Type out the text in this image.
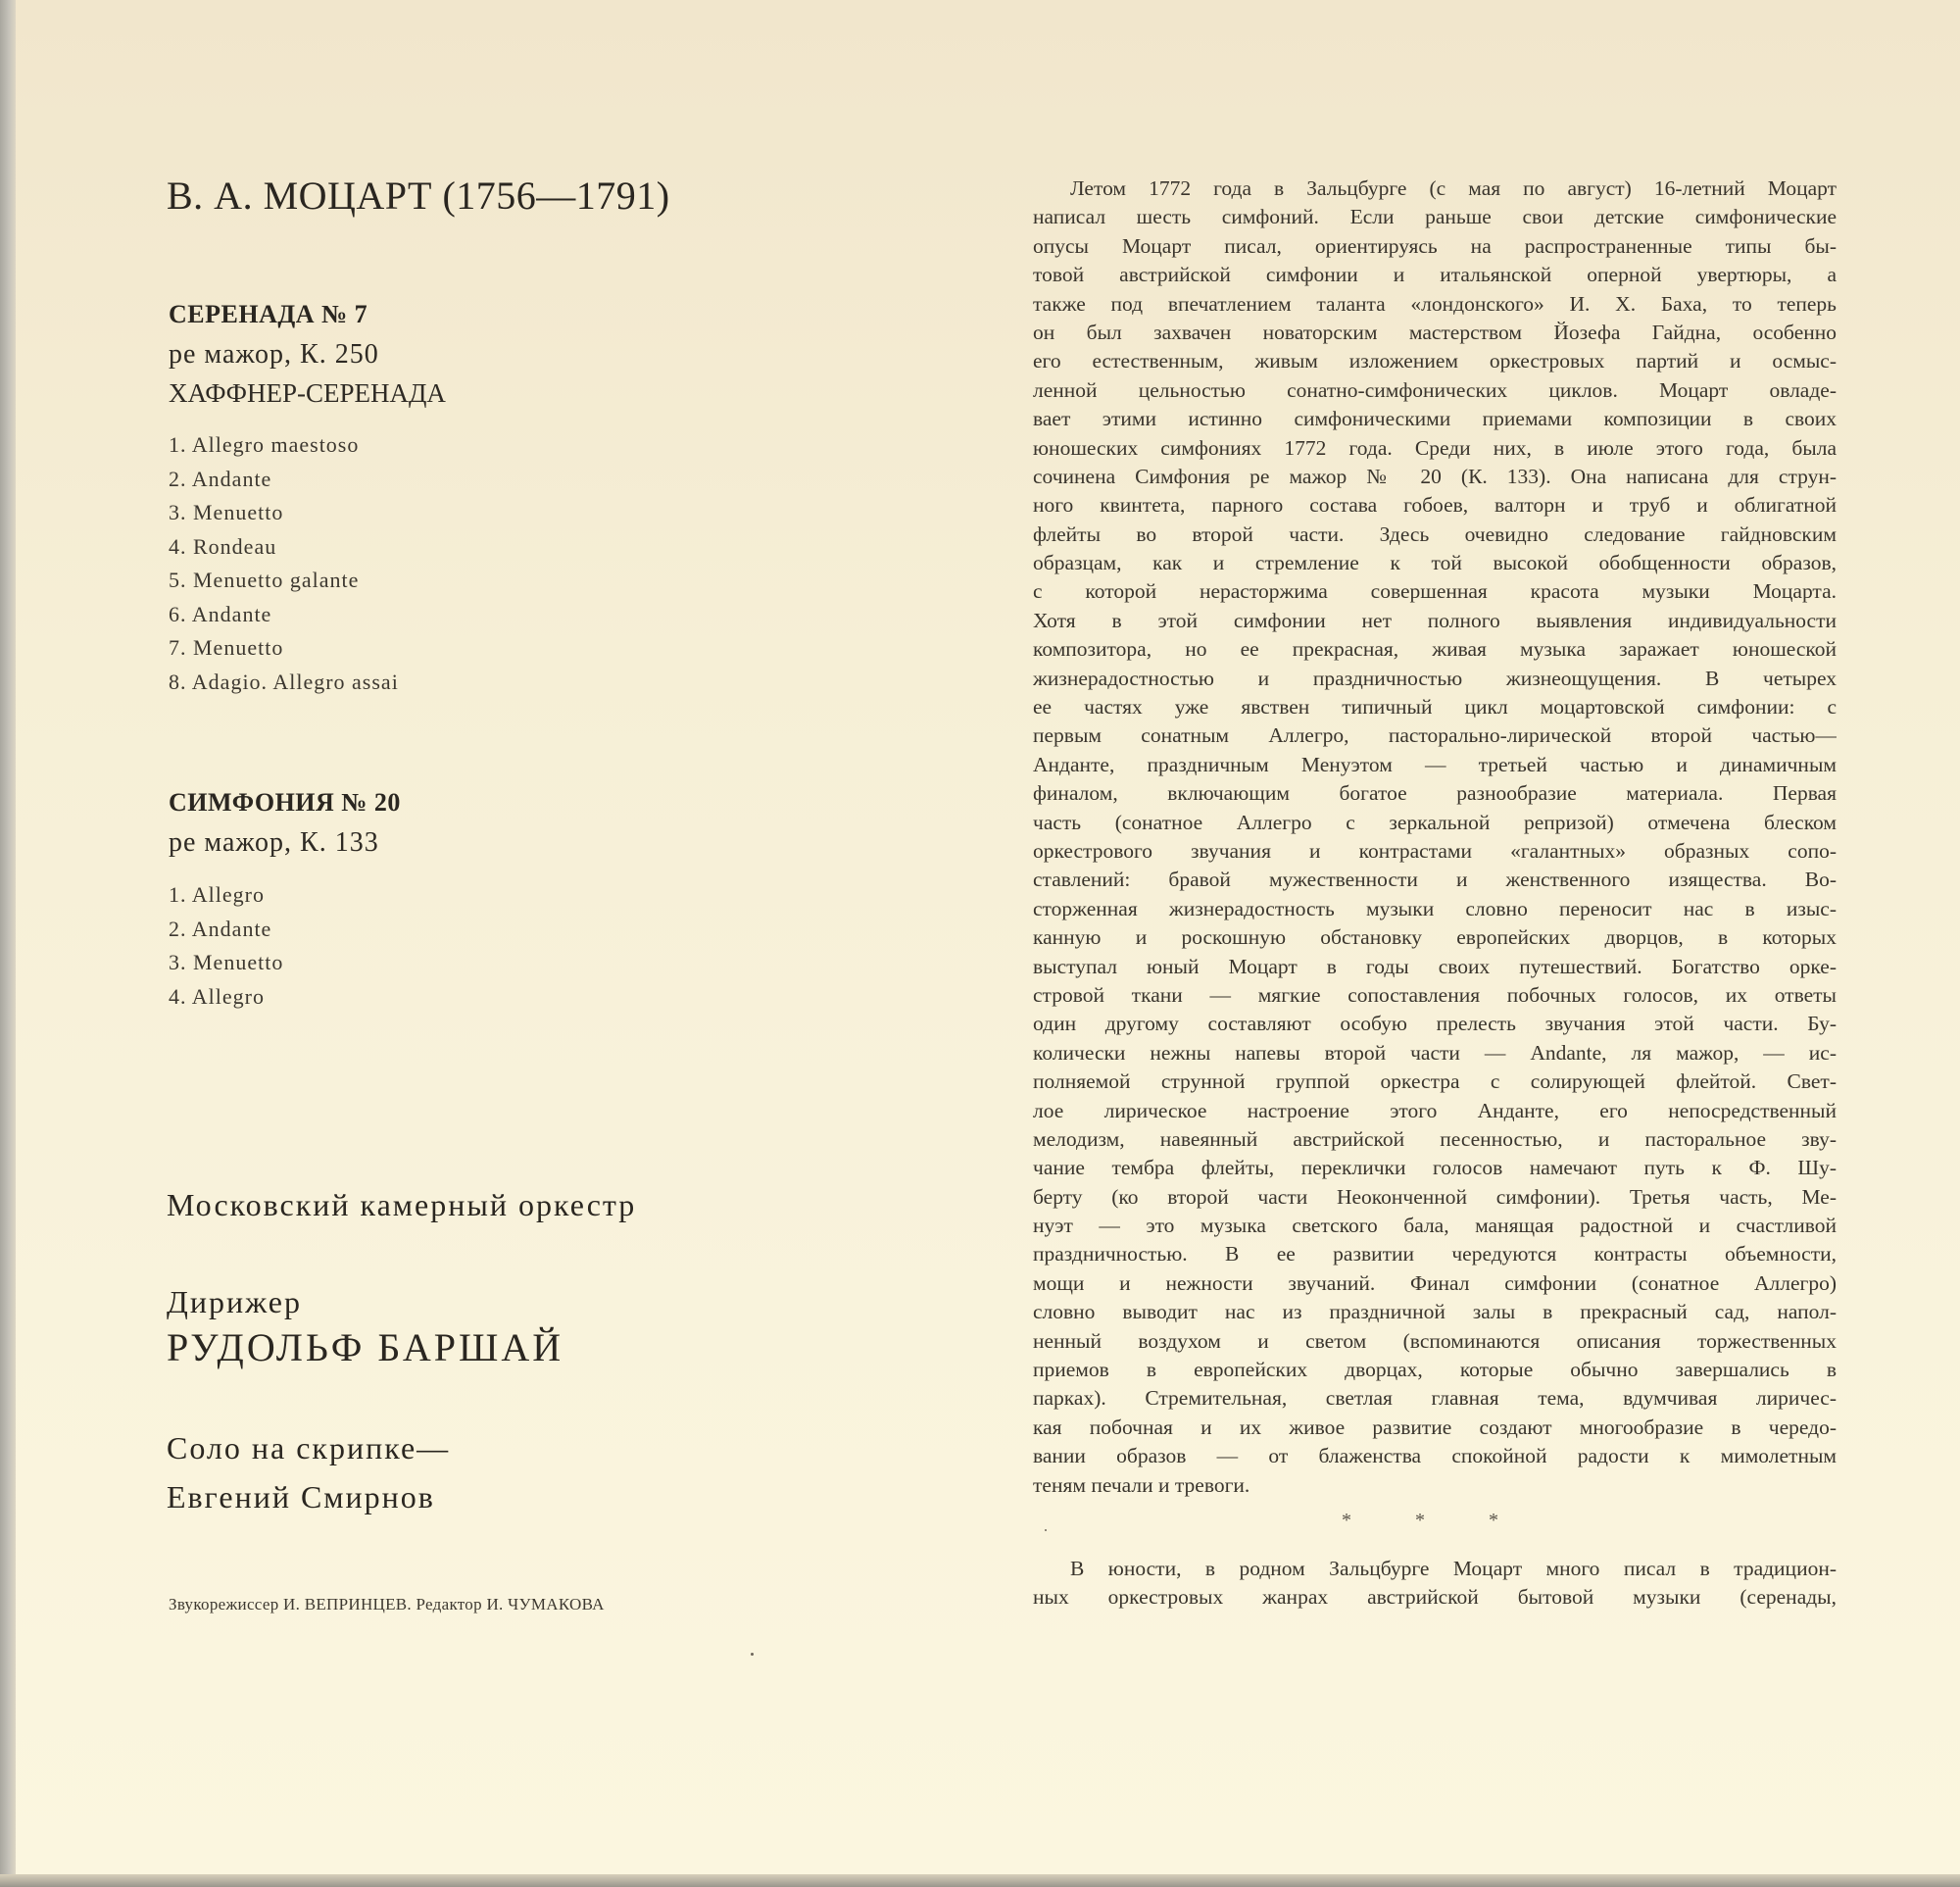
В. А. МОЦАРТ (1756—1791)
СЕРЕНАДА № 7
ре мажор, К. 250
ХАФФНЕР-СЕРЕНАДА
1. Allegro maestoso
2. Andante
3. Menuetto
4. Rondeau
5. Menuetto galante
6. Andante
7. Menuetto
8. Adagio. Allegro assai
СИМФОНИЯ № 20
ре мажор, К. 133
1. Allegro
2. Andante
3. Menuetto
4. Allegro
Московский камерный оркестр
Дирижер
РУДОЛЬФ БАРШАЙ
Соло на скрипке—
Евгений Смирнов
Звукорежиссер И. ВЕПРИНЦЕВ. Редактор И. ЧУМАКОВА
Летом 1772 года в Зальцбурге (с мая по август) 16-летний Моцарт
написал шесть симфоний. Если раньше свои детские симфонические
опусы Моцарт писал, ориентируясь на распространенные типы бы-
товой австрийской симфонии и итальянской оперной увертюры, а
также под впечатлением таланта «лондонского» И. X. Баха, то теперь
он был захвачен новаторским мастерством Йозефа Гайдна, особенно
его естественным, живым изложением оркестровых партий и осмыс-
ленной цельностью сонатно-симфонических циклов. Моцарт овладе-
вает этими истинно симфоническими приемами композиции в своих
юношеских симфониях 1772 года. Среди них, в июле этого года, была
сочинена Симфония ре мажор № 20 (К. 133). Она написана для струн-
ного квинтета, парного состава гобоев, валторн и труб и облигатной
флейты во второй части. Здесь очевидно следование гайдновским
образцам, как и стремление к той высокой обобщенности образов,
с которой нерасторжима совершенная красота музыки Моцарта.
Хотя в этой симфонии нет полного выявления индивидуальности
композитора, но ее прекрасная, живая музыка заражает юношеской
жизнерадостностью и праздничностью жизнеощущения. В четырех
ее частях уже явствен типичный цикл моцартовской симфонии: с
первым сонатным Аллегро, пасторально-лирической второй частью—
Анданте, праздничным Менуэтом — третьей частью и динамичным
финалом, включающим богатое разнообразие материала. Первая
часть (сонатное Аллегро с зеркальной репризой) отмечена блеском
оркестрового звучания и контрастами «галантных» образных сопо-
ставлений: бравой мужественности и женственного изящества. Во-
сторженная жизнерадостность музыки словно переносит нас в изыс-
канную и роскошную обстановку европейских дворцов, в которых
выступал юный Моцарт в годы своих путешествий. Богатство орке-
стровой ткани — мягкие сопоставления побочных голосов, их ответы
один другому составляют особую прелесть звучания этой части. Бу-
колически нежны напевы второй части — Andante, ля мажор, — ис-
полняемой струнной группой оркестра с солирующей флейтой. Свет-
лое лирическое настроение этого Анданте, его непосредственный
мелодизм, навеянный австрийской песенностью, и пасторальное зву-
чание тембра флейты, переклички голосов намечают путь к Ф. Шу-
берту (ко второй части Неоконченной симфонии). Третья часть, Ме-
нуэт — это музыка светского бала, манящая радостной и счастливой
праздничностью. В ее развитии чередуются контрасты объемности,
мощи и нежности звучаний. Финал симфонии (сонатное Аллегро)
словно выводит нас из праздничной залы в прекрасный сад, напол-
ненный воздухом и светом (вспоминаются описания торжественных
приемов в европейских дворцах, которые обычно завершались в
парках). Стремительная, светлая главная тема, вдумчивая лиричес-
кая побочная и их живое развитие создают многообразие в чередо-
вании образов — от блаженства спокойной радости к мимолетным
теням печали и тревоги.
* * *
В юности, в родном Зальцбурге Моцарт много писал в традицион-
ных оркестровых жанрах австрийской бытовой музыки (серенады,
